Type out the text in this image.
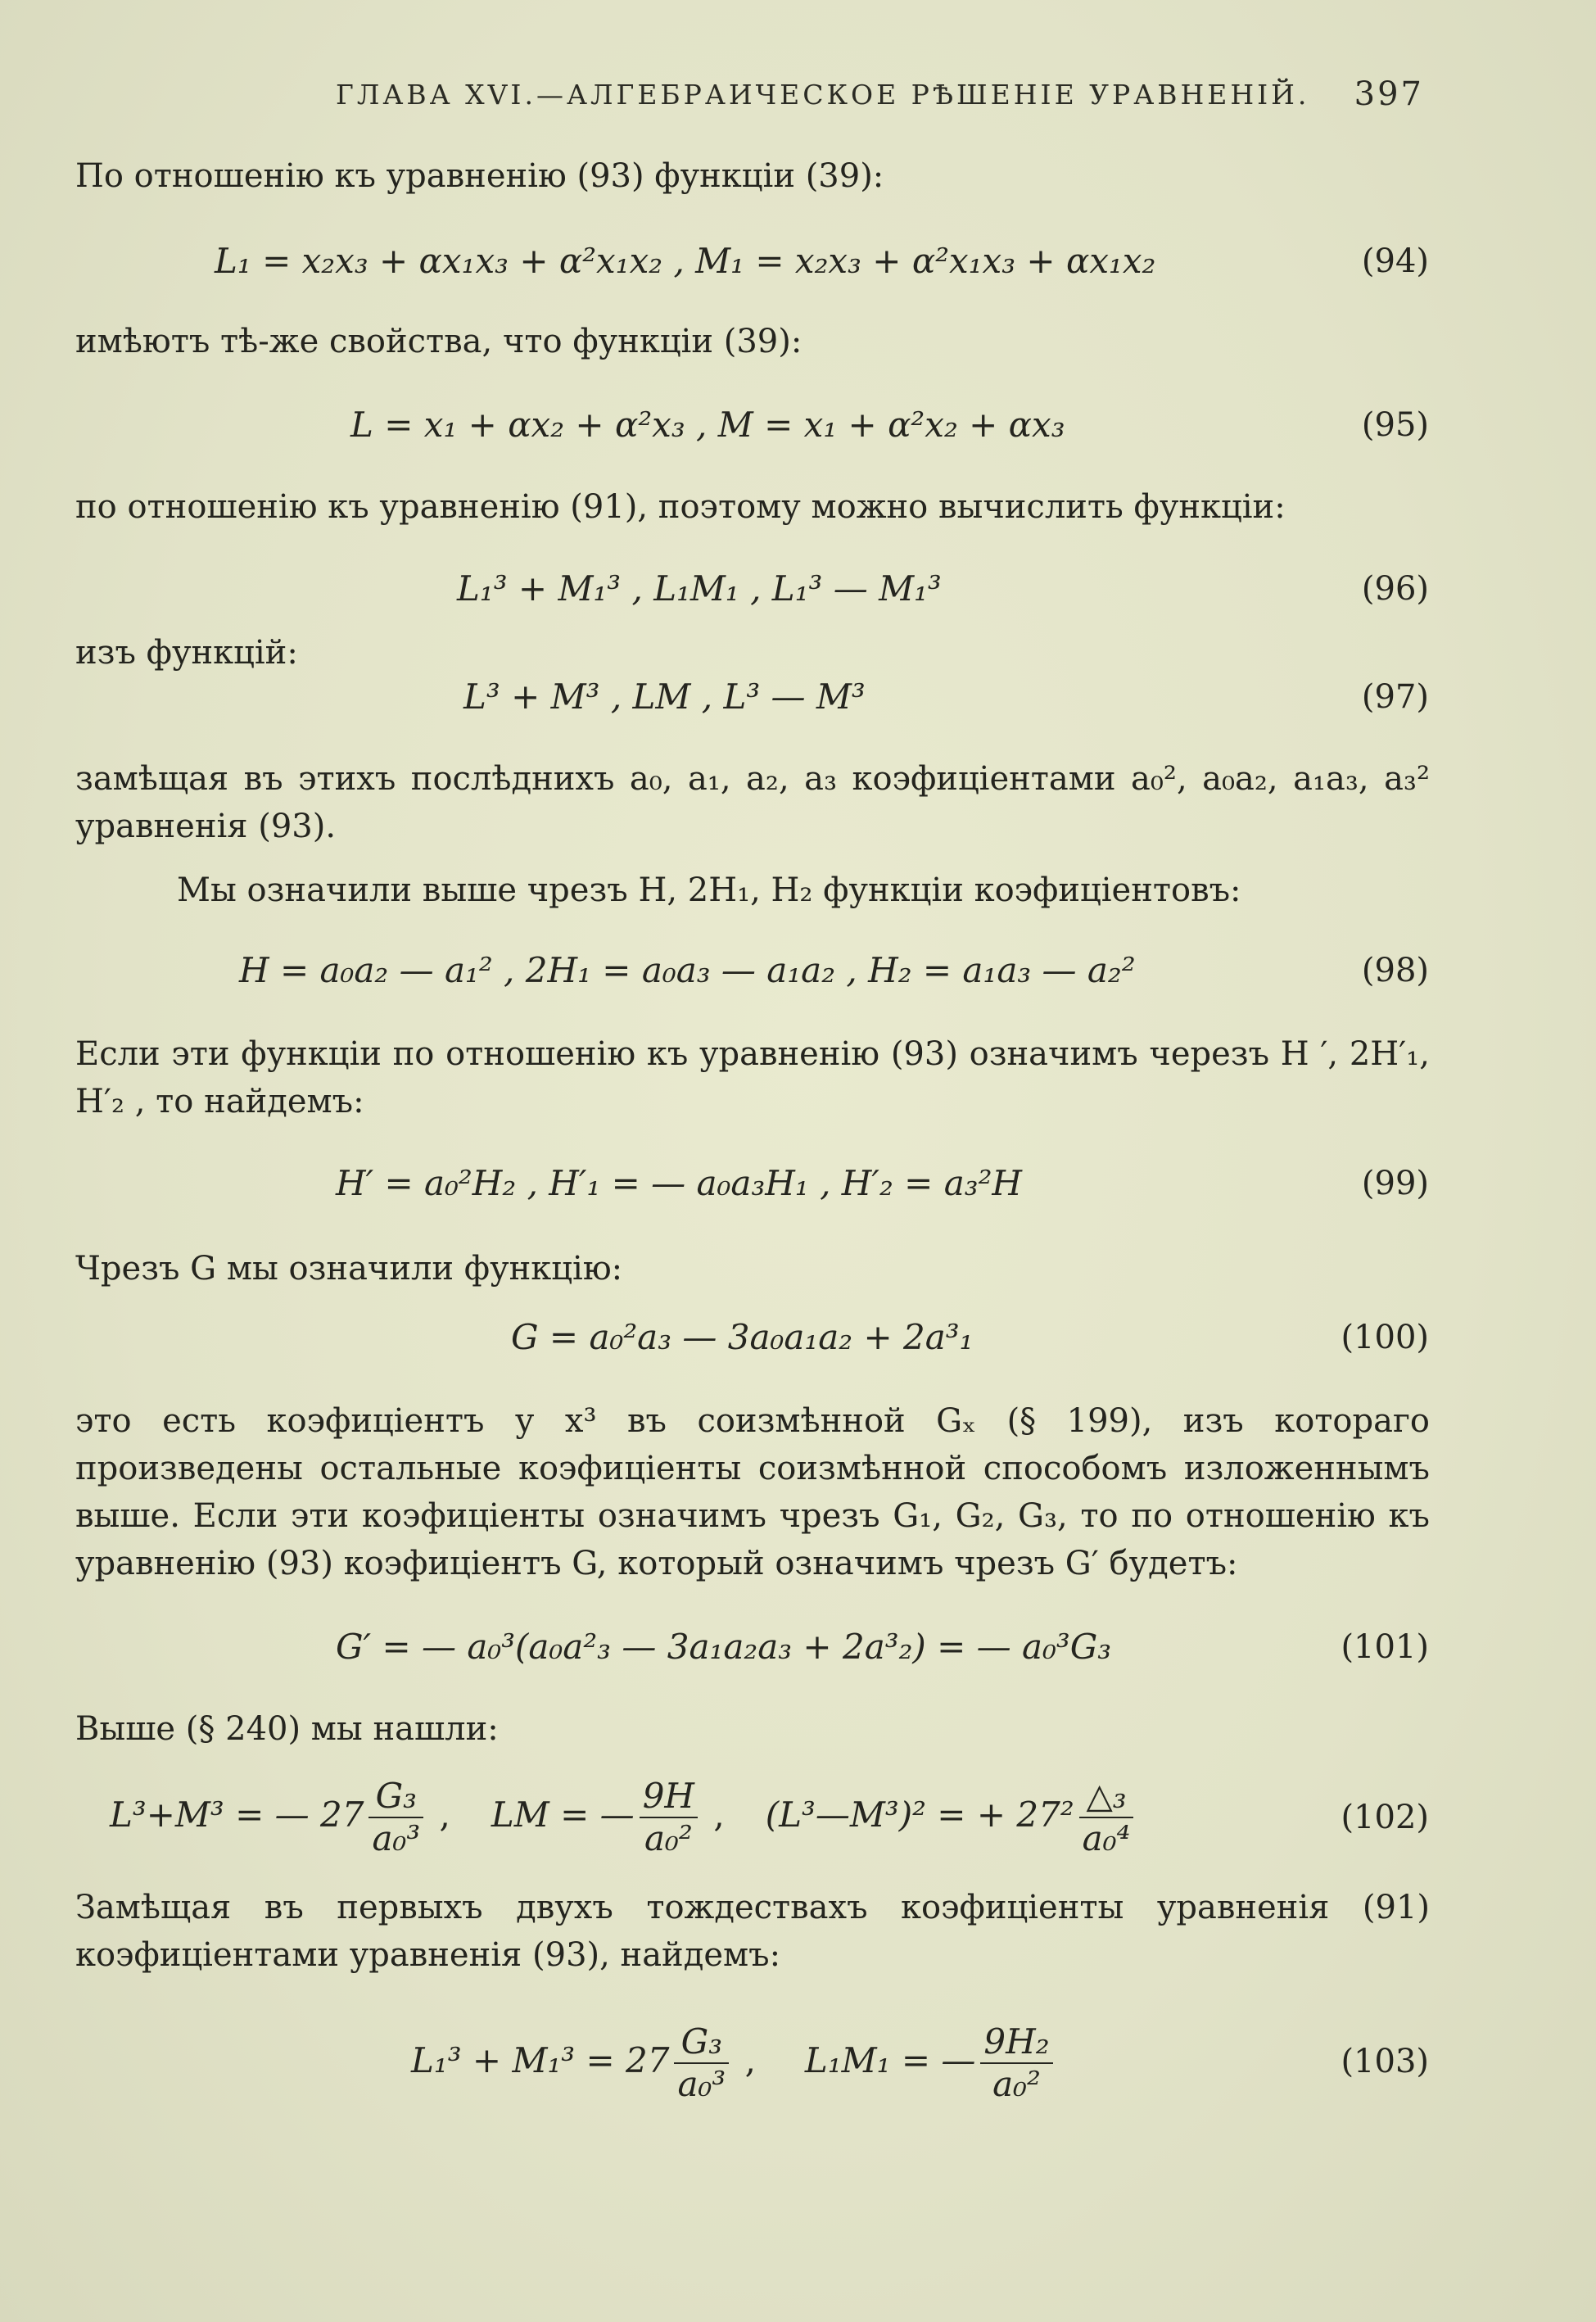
ГЛАВА XVI.—АЛГЕБРАИЧЕСКОЕ РѢШЕНІЕ УРАВНЕНІЙ. 397
По отношенію къ уравненію (93) функціи (39):
L₁ = x₂x₃ + αx₁x₃ + α²x₁x₂ , M₁ = x₂x₃ + α²x₁x₃ + αx₁x₂	(94)
имѣютъ тѣ-же свойства, что функціи (39):
L = x₁ + αx₂ + α²x₃ , M = x₁ + α²x₂ + αx₃	(95)
по отношенію къ уравненію (91), поэтому можно вычислить функціи:
L₁³ + M₁³ , L₁M₁ , L₁³ — M₁³	(96)
изъ функцій:
L³ + M³ , LM , L³ — M³	(97)
замѣщая въ этихъ послѣднихъ a₀, a₁, a₂, a₃ коэфиціентами a₀², a₀a₂, a₁a₃, a₃² уравненія (93).
Мы означили выше чрезъ H, 2H₁, H₂ функціи коэфиціентовъ:
H = a₀a₂ — a₁² , 2H₁ = a₀a₃ — a₁a₂ , H₂ = a₁a₃ — a₂²	(98)
Если эти функціи по отношенію къ уравненію (93) означимъ черезъ H ′, 2H′₁, H′₂ , то найдемъ:
H′ = a₀²H₂ , H′₁ = — a₀a₃H₁ , H′₂ = a₃²H	(99)
Чрезъ G мы означили функцію:
G = a₀²a₃ — 3a₀a₁a₂ + 2a³₁	(100)
это есть коэфиціентъ у x³ въ соизмѣнной Gₓ (§ 199), изъ котораго произведены остальные коэфиціенты соизмѣнной способомъ изложеннымъ выше. Если эти коэфиціенты означимъ чрезъ G₁, G₂, G₃, то по отношенію къ уравненію (93) коэфиціентъ G, который означимъ чрезъ G′ будетъ:
G′ = — a₀³(a₀a²₃ — 3a₁a₂a₃ + 2a³₂) = — a₀³G₃	(101)
Выше (§ 240) мы нашли:
L³+M³ = — $27 \frac{\text{G₃}}{\text{a₀³}}$ , LM = — $\frac{9H}{\text{a₀²}}$ , (L³—M³)² = + $27^2 \frac{\text{△₃}}{\text{a₀⁴}}$	(102)
Замѣщая въ первыхъ двухъ тождествахъ коэфиціенты уравненія (91) коэфиціентами уравненія (93), найдемъ:
$L_1^3 + M_1^3 = 27 \frac{\text{G₃}}{\text{a₀³}}$ , L₁M₁ = — $\frac{\text{9H₂}}{\text{a₀²}}$	(103)
